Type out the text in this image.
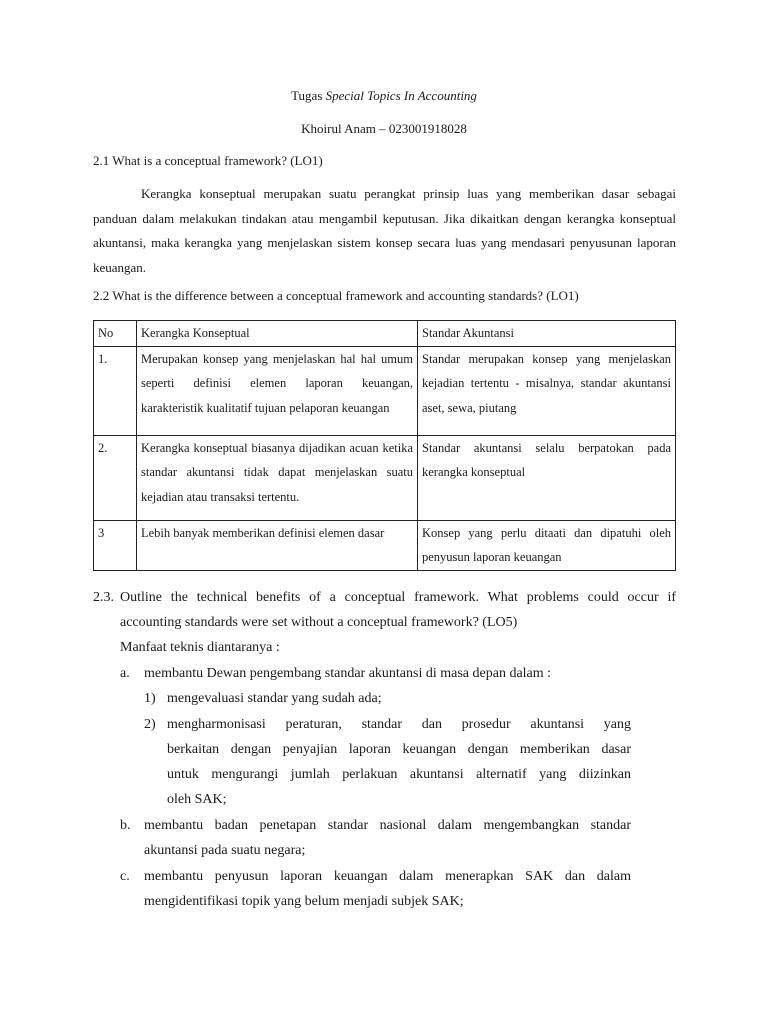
Tugas Special Topics In Accounting
Khoirul Anam – 023001918028
2.1 What is a conceptual framework? (LO1)
Kerangka konseptual merupakan suatu perangkat prinsip luas yang memberikan dasar sebagai panduan dalam melakukan tindakan atau mengambil keputusan. Jika dikaitkan dengan kerangka konseptual akuntansi, maka kerangka yang menjelaskan sistem konsep secara luas yang mendasari penyusunan laporan keuangan.
2.2 What is the difference between a conceptual framework and accounting standards? (LO1)
No	Kerangka Konseptual	Standar Akuntansi
1.	Merupakan konsep yang menjelaskan hal hal umum seperti definisi elemen laporan keuangan, karakteristik kualitatif tujuan pelaporan keuangan	Standar merupakan konsep yang menjelaskan kejadian tertentu - misalnya, standar akuntansi aset, sewa, piutang
2.	Kerangka konseptual biasanya dijadikan acuan ketika standar akuntansi tidak dapat menjelaskan suatu kejadian atau transaksi tertentu.	Standar akuntansi selalu berpatokan pada kerangka konseptual
3	Lebih banyak memberikan definisi elemen dasar	Konsep yang perlu ditaati dan dipatuhi oleh penyusun laporan keuangan
2.3. Outline the technical benefits of a conceptual framework. What problems could occur if
accounting standards were set without a conceptual framework? (LO5)
Manfaat teknis diantaranya :
a. membantu Dewan pengembang standar akuntansi di masa depan dalam :
1) mengevaluasi standar yang sudah ada;
2) mengharmonisasi peraturan, standar dan prosedur akuntansi yang
berkaitan dengan penyajian laporan keuangan dengan memberikan dasar
untuk mengurangi jumlah perlakuan akuntansi alternatif yang diizinkan
oleh SAK;
b. membantu badan penetapan standar nasional dalam mengembangkan standar
akuntansi pada suatu negara;
c. membantu penyusun laporan keuangan dalam menerapkan SAK dan dalam
mengidentifikasi topik yang belum menjadi subjek SAK;
